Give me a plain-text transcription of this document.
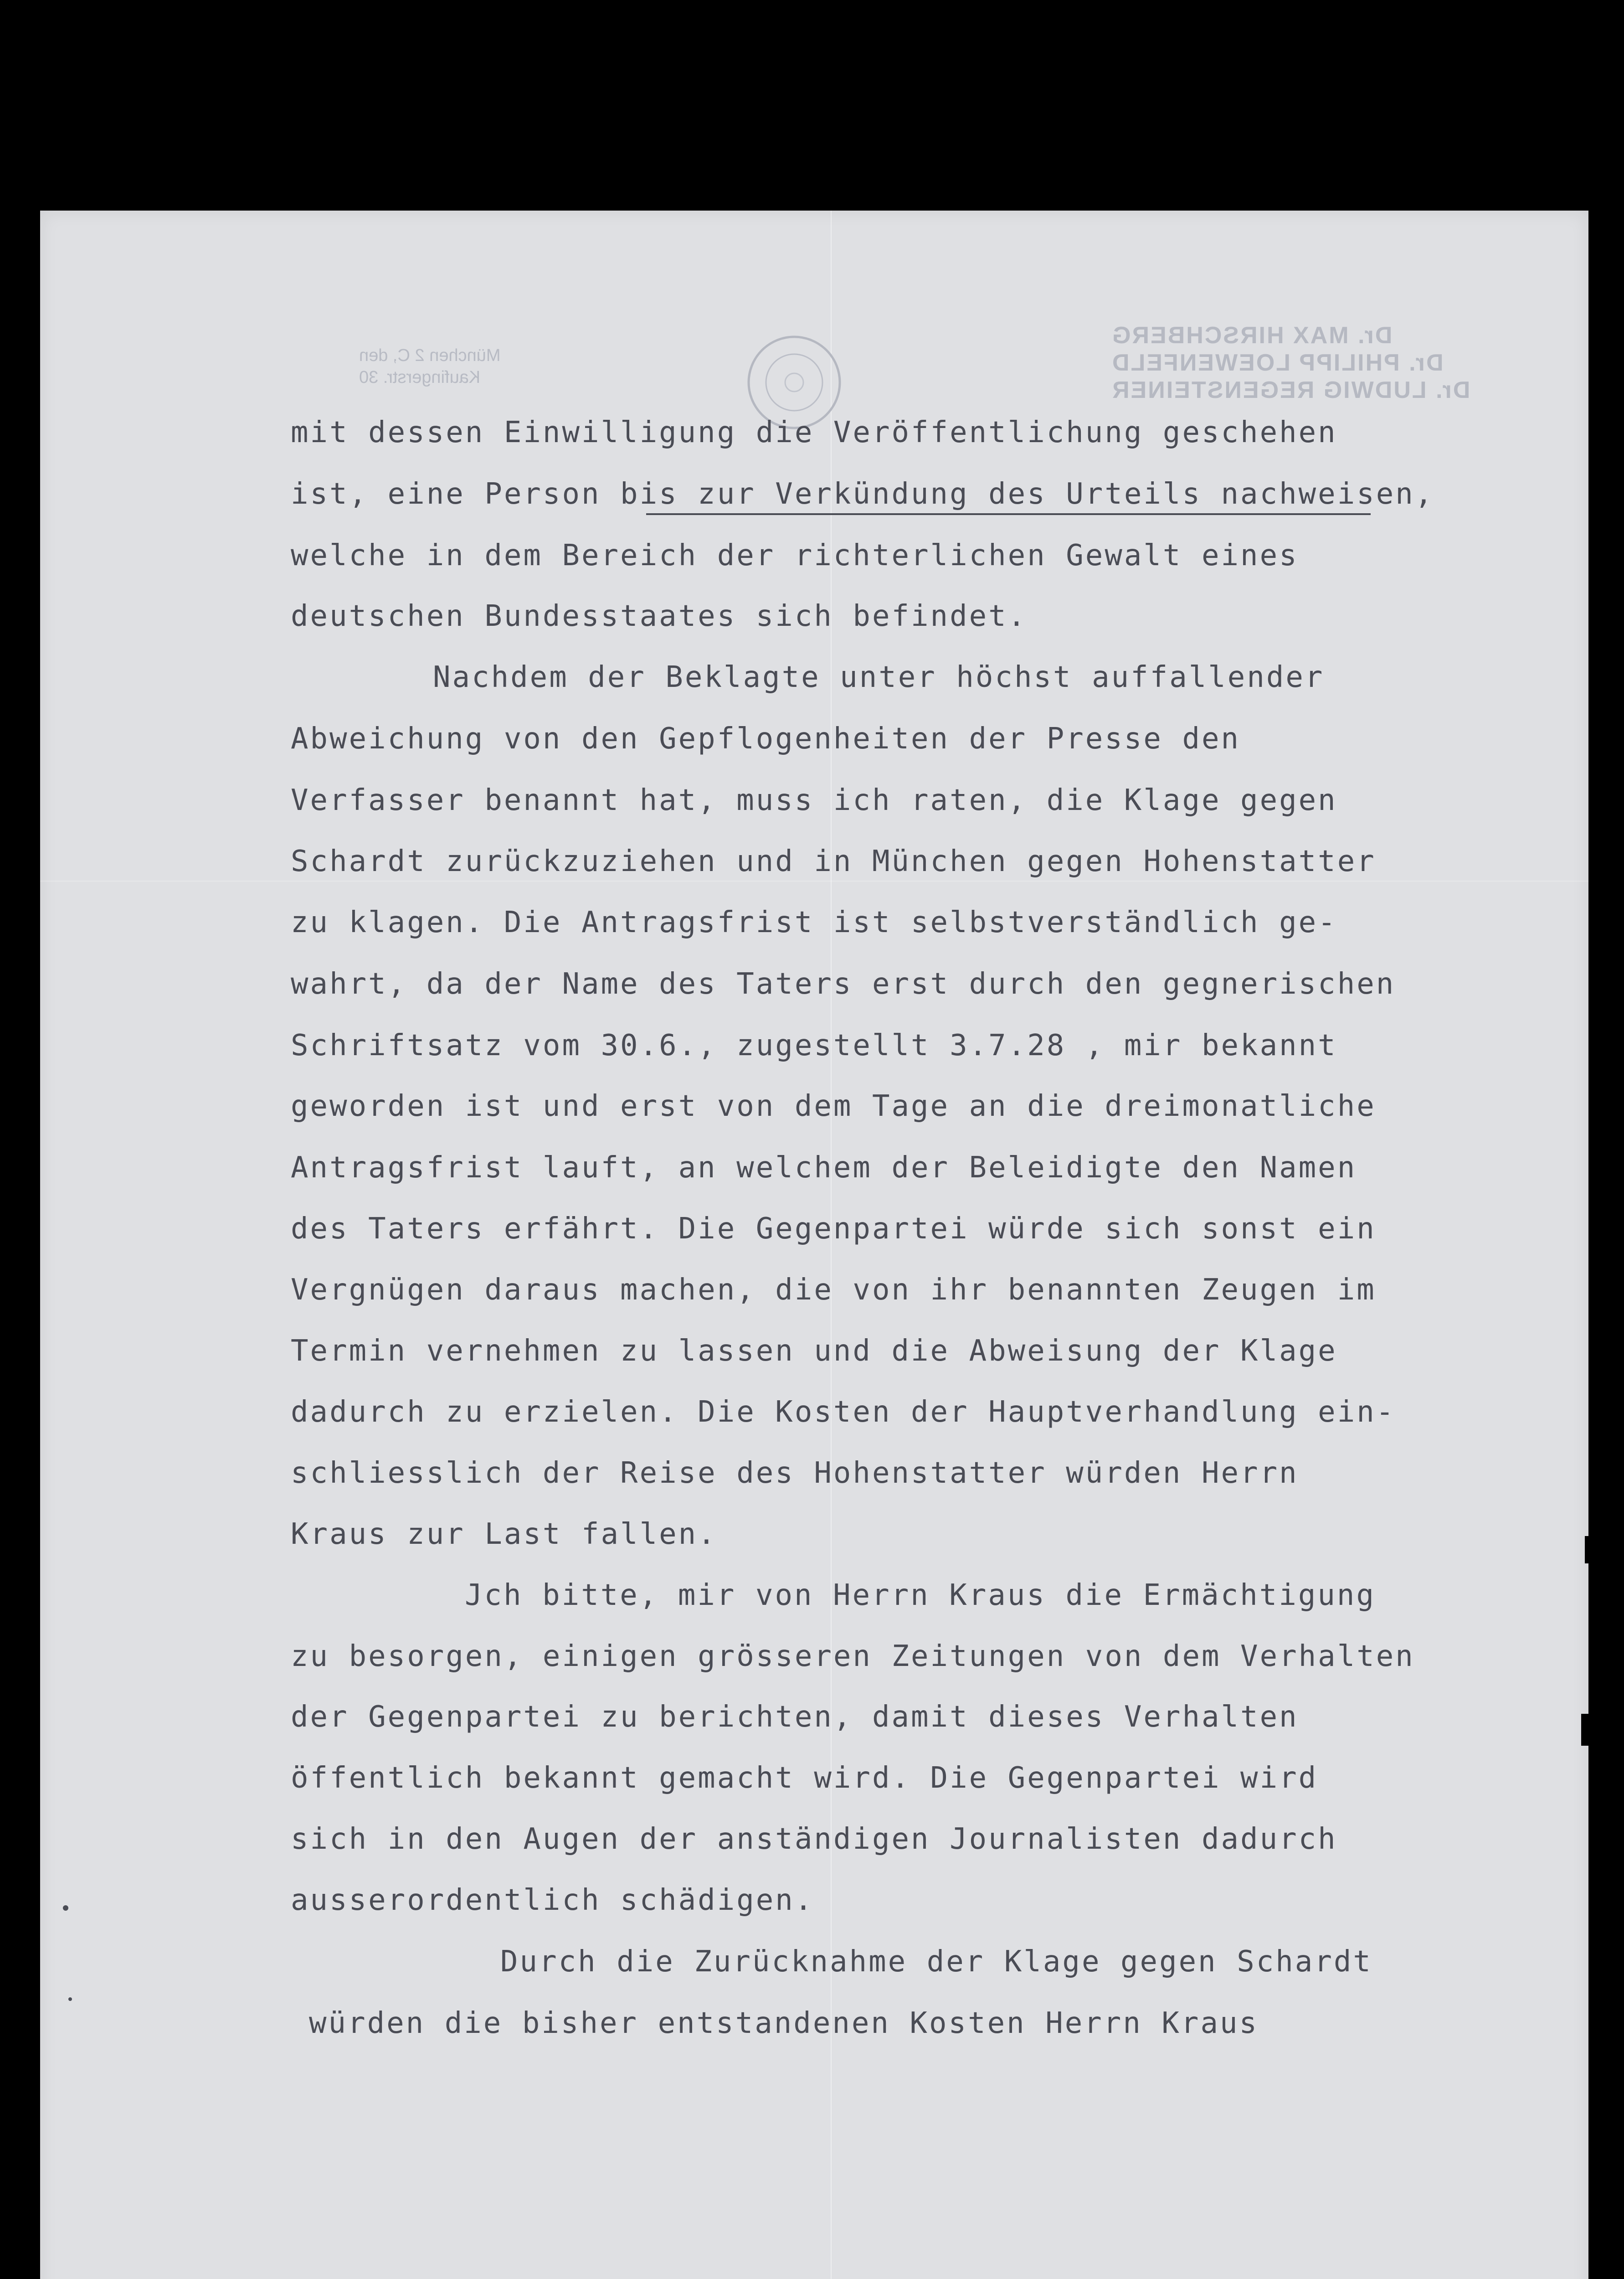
Dr. MAX HIRSCHBERG
Dr. PHILIPP LOEWENFELD
Dr. LUDWIG REGENSTEINER
München 2 C, den
Kaufingerstr. 30
mit dessen Einwilligung die Veröffentlichung geschehen
ist, eine Person bis zur Verkündung des Urteils nachweisen,
welche in dem Bereich der richterlichen Gewalt eines
deutschen Bundesstaates sich befindet.
Nachdem der Beklagte unter höchst auffallender
Abweichung von den Gepflogenheiten der Presse den
Verfasser benannt hat, muss ich raten, die Klage gegen
Schardt zurückzuziehen und in München gegen Hohenstatter
zu klagen. Die Antragsfrist ist selbstverständlich ge-
wahrt, da der Name des Taters erst durch den gegnerischen
Schriftsatz vom 30.6., zugestellt 3.7.28 , mir bekannt
geworden ist und erst von dem Tage an die dreimonatliche
Antragsfrist lauft, an welchem der Beleidigte den Namen
des Taters erfährt. Die Gegenpartei würde sich sonst ein
Vergnügen daraus machen, die von ihr benannten Zeugen im
Termin vernehmen zu lassen und die Abweisung der Klage
dadurch zu erzielen. Die Kosten der Hauptverhandlung ein-
schliesslich der Reise des Hohenstatter würden Herrn
Kraus zur Last fallen.
Jch bitte, mir von Herrn Kraus die Ermächtigung
zu besorgen, einigen grösseren Zeitungen von dem Verhalten
der Gegenpartei zu berichten, damit dieses Verhalten
öffentlich bekannt gemacht wird. Die Gegenpartei wird
sich in den Augen der anständigen Journalisten dadurch
ausserordentlich schädigen.
Durch die Zurücknahme der Klage gegen Schardt
würden die bisher entstandenen Kosten Herrn Kraus
